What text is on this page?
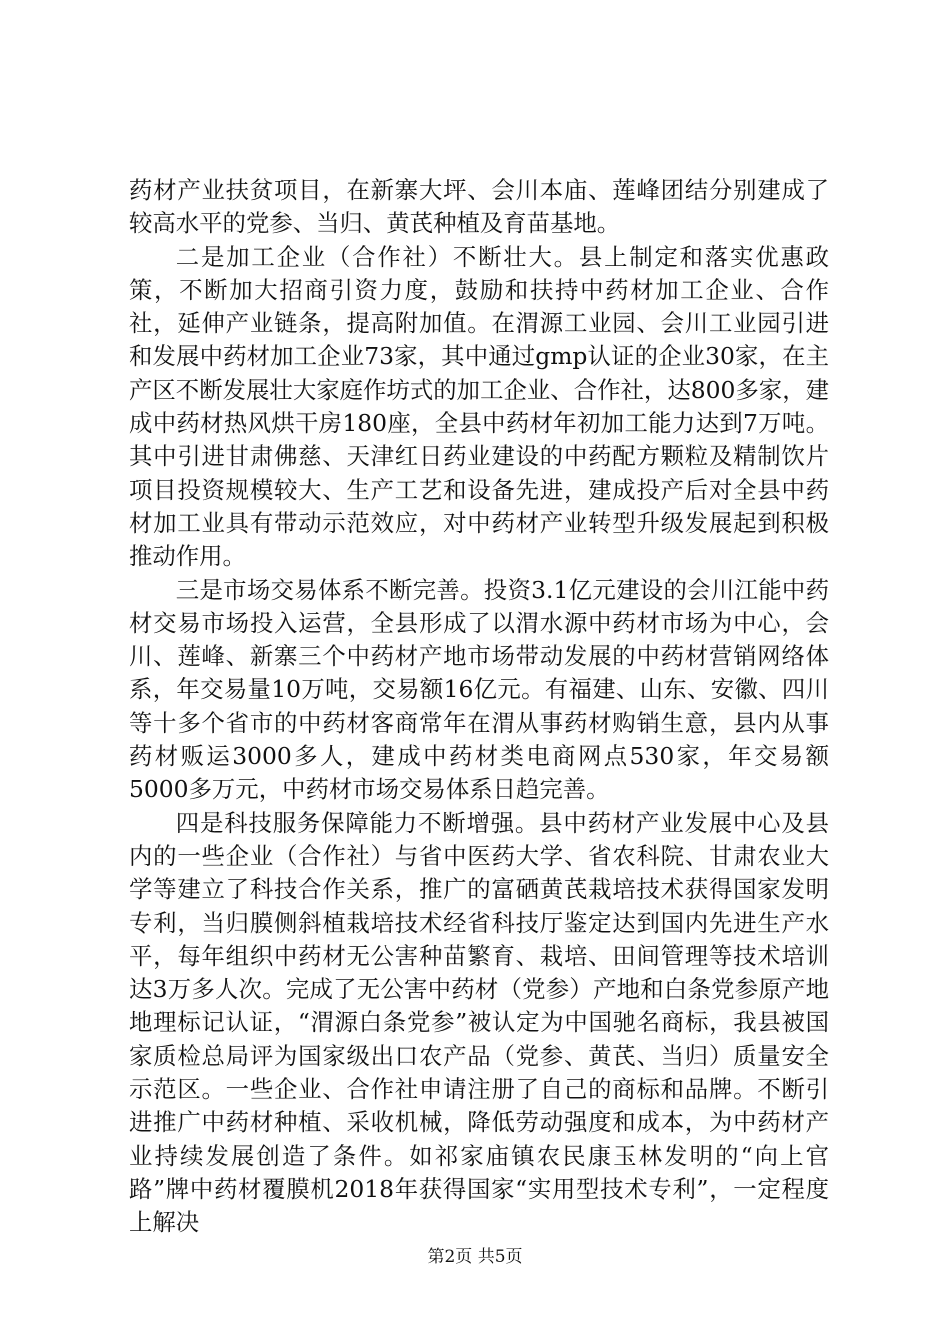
药材产业扶贫项目，在新寨大坪、会川本庙、莲峰团结分别建成了较高水平的党参、当归、黄芪种植及育苗基地。

二是加工企业（合作社）不断壮大。县上制定和落实优惠政策，不断加大招商引资力度，鼓励和扶持中药材加工企业、合作社，延伸产业链条，提高附加值。在渭源工业园、会川工业园引进和发展中药材加工企业73家，其中通过gmp认证的企业30家，在主产区不断发展壮大家庭作坊式的加工企业、合作社，达800多家，建成中药材热风烘干房180座，全县中药材年初加工能力达到7万吨。其中引进甘肃佛慈、天津红日药业建设的中药配方颗粒及精制饮片项目投资规模较大、生产工艺和设备先进，建成投产后对全县中药材加工业具有带动示范效应，对中药材产业转型升级发展起到积极推动作用。

三是市场交易体系不断完善。投资3.1亿元建设的会川江能中药材交易市场投入运营，全县形成了以渭水源中药材市场为中心，会川、莲峰、新寨三个中药材产地市场带动发展的中药材营销网络体系，年交易量10万吨，交易额16亿元。有福建、山东、安徽、四川等十多个省市的中药材客商常年在渭从事药材购销生意，县内从事药材贩运3000多人，建成中药材类电商网点530家，年交易额5000多万元，中药材市场交易体系日趋完善。

四是科技服务保障能力不断增强。县中药材产业发展中心及县内的一些企业（合作社）与省中医药大学、省农科院、甘肃农业大学等建立了科技合作关系，推广的富硒黄芪栽培技术获得国家发明专利，当归膜侧斜植栽培技术经省科技厅鉴定达到国内先进生产水平，每年组织中药材无公害种苗繁育、栽培、田间管理等技术培训达3万多人次。完成了无公害中药材（党参）产地和白条党参原产地地理标记认证，“渭源白条党参”被认定为中国驰名商标，我县被国家质检总局评为国家级出口农产品（党参、黄芪、当归）质量安全示范区。一些企业、合作社申请注册了自己的商标和品牌。不断引进推广中药材种植、采收机械，降低劳动强度和成本，为中药材产业持续发展创造了条件。如祁家庙镇农民康玉林发明的“向上官路”牌中药材覆膜机2018年获得国家“实用型技术专利”，一定程度上解决

第2页 共5页
